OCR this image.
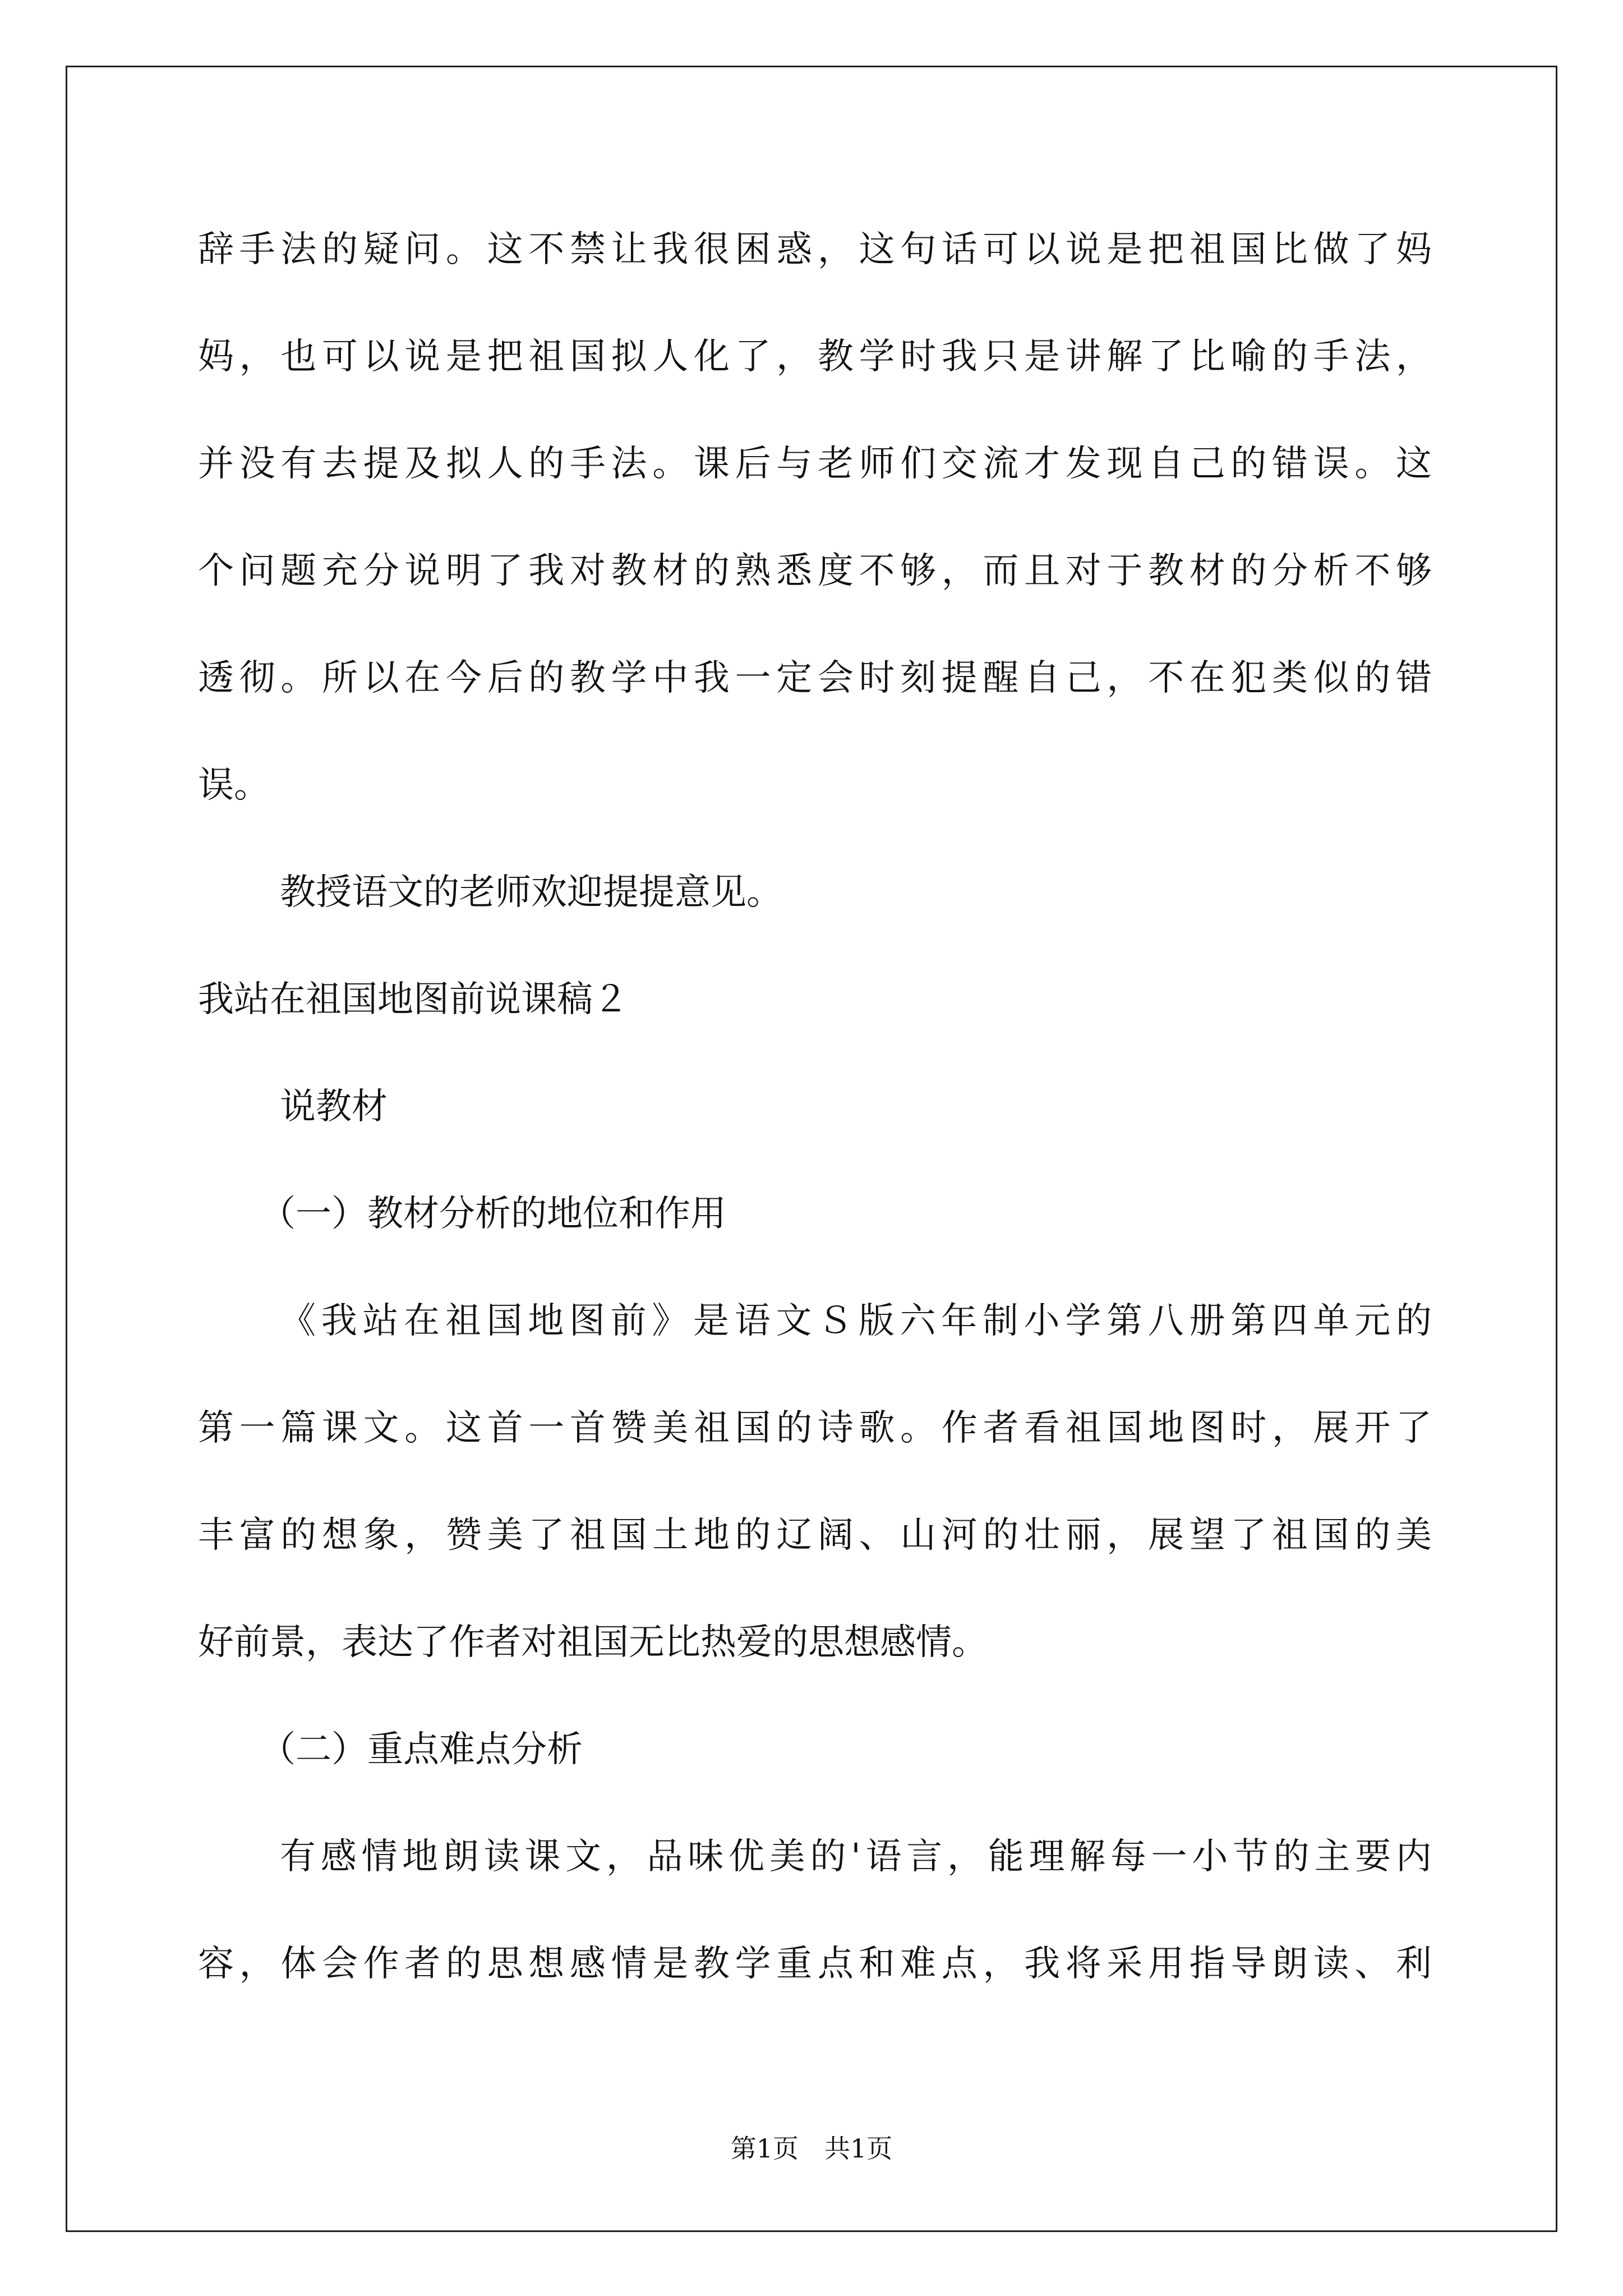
辞手法的疑问。这不禁让我很困惑，这句话可以说是把祖国比做了妈
妈，也可以说是把祖国拟人化了，教学时我只是讲解了比喻的手法，
并没有去提及拟人的手法。课后与老师们交流才发现自己的错误。这
个问题充分说明了我对教材的熟悉度不够，而且对于教材的分析不够
透彻。所以在今后的教学中我一定会时刻提醒自己，不在犯类似的错
误。
教授语文的老师欢迎提提意见。
我站在祖国地图前说课稿２
说教材
（一）教材分析的地位和作用
《我站在祖国地图前》是语文Ｓ版六年制小学第八册第四单元的
第一篇课文。这首一首赞美祖国的诗歌。作者看祖国地图时，展开了
丰富的想象，赞美了祖国土地的辽阔、山河的壮丽，展望了祖国的美
好前景，表达了作者对祖国无比热爱的思想感情。
（二）重点难点分析
有感情地朗读课文，品味优美的'语言，能理解每一小节的主要内
容，体会作者的思想感情是教学重点和难点，我将采用指导朗读、利
第1页　共1页
